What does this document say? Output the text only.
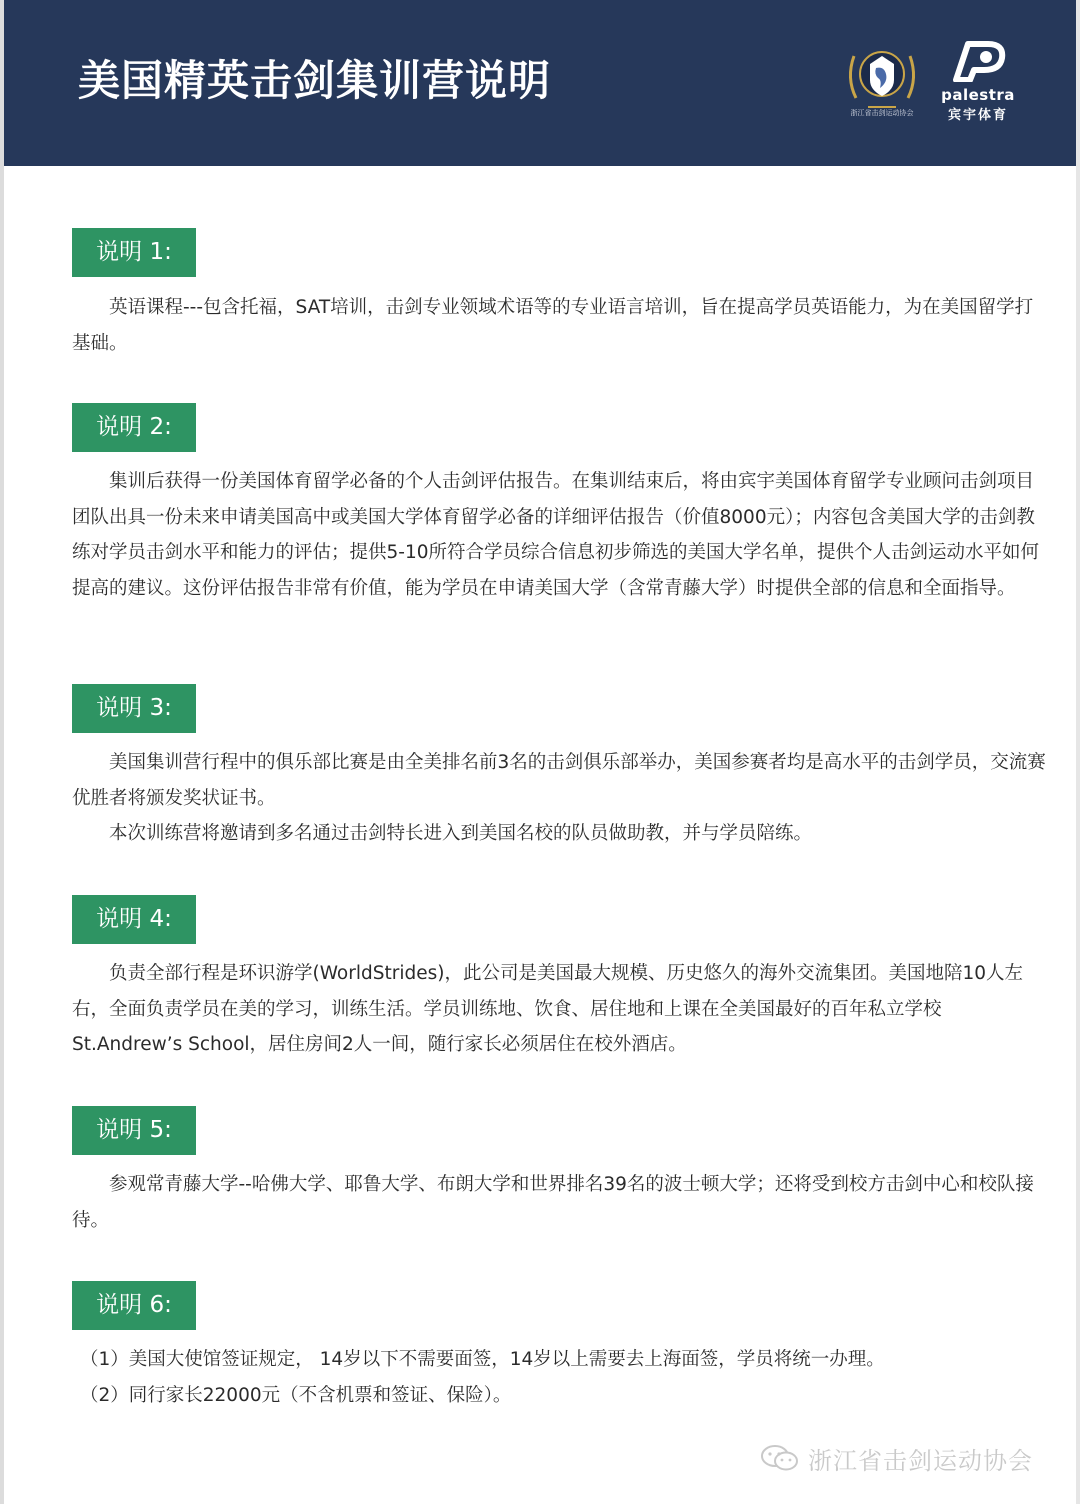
美国精英击剑集训营说明
浙江省击剑运动协会
palestra
宾宇体育
说明 1:

英语课程---包含托福，SAT培训，击剑专业领域术语等的专业语言培训，旨在提高学员英语能力，为在美国留学打基础。

说明 2:

集训后获得一份美国体育留学必备的个人击剑评估报告。在集训结束后，将由宾宇美国体育留学专业顾问击剑项目团队出具一份未来申请美国高中或美国大学体育留学必备的详细评估报告（价值8000元）；内容包含美国大学的击剑教练对学员击剑水平和能力的评估；提供5-10所符合学员综合信息初步筛选的美国大学名单，提供个人击剑运动水平如何提高的建议。这份评估报告非常有价值，能为学员在申请美国大学（含常青藤大学）时提供全部的信息和全面指导。

说明 3:

美国集训营行程中的俱乐部比赛是由全美排名前3名的击剑俱乐部举办，美国参赛者均是高水平的击剑学员，交流赛优胜者将颁发奖状证书。

本次训练营将邀请到多名通过击剑特长进入到美国名校的队员做助教，并与学员陪练。

说明 4:

负责全部行程是环识游学(WorldStrides)，此公司是美国最大规模、历史悠久的海外交流集团。美国地陪10人左右，全面负责学员在美的学习，训练生活。学员训练地、饮食、居住地和上课在全美国最好的百年私立学校St.Andrew’s School，居住房间2人一间，随行家长必须居住在校外酒店。

说明 5:

参观常青藤大学--哈佛大学、耶鲁大学、布朗大学和世界排名39名的波士顿大学；还将受到校方击剑中心和校队接待。

说明 6:

（1）美国大使馆签证规定， 14岁以下不需要面签，14岁以上需要去上海面签，学员将统一办理。

（2）同行家长22000元（不含机票和签证、保险）。

浙江省击剑运动协会
